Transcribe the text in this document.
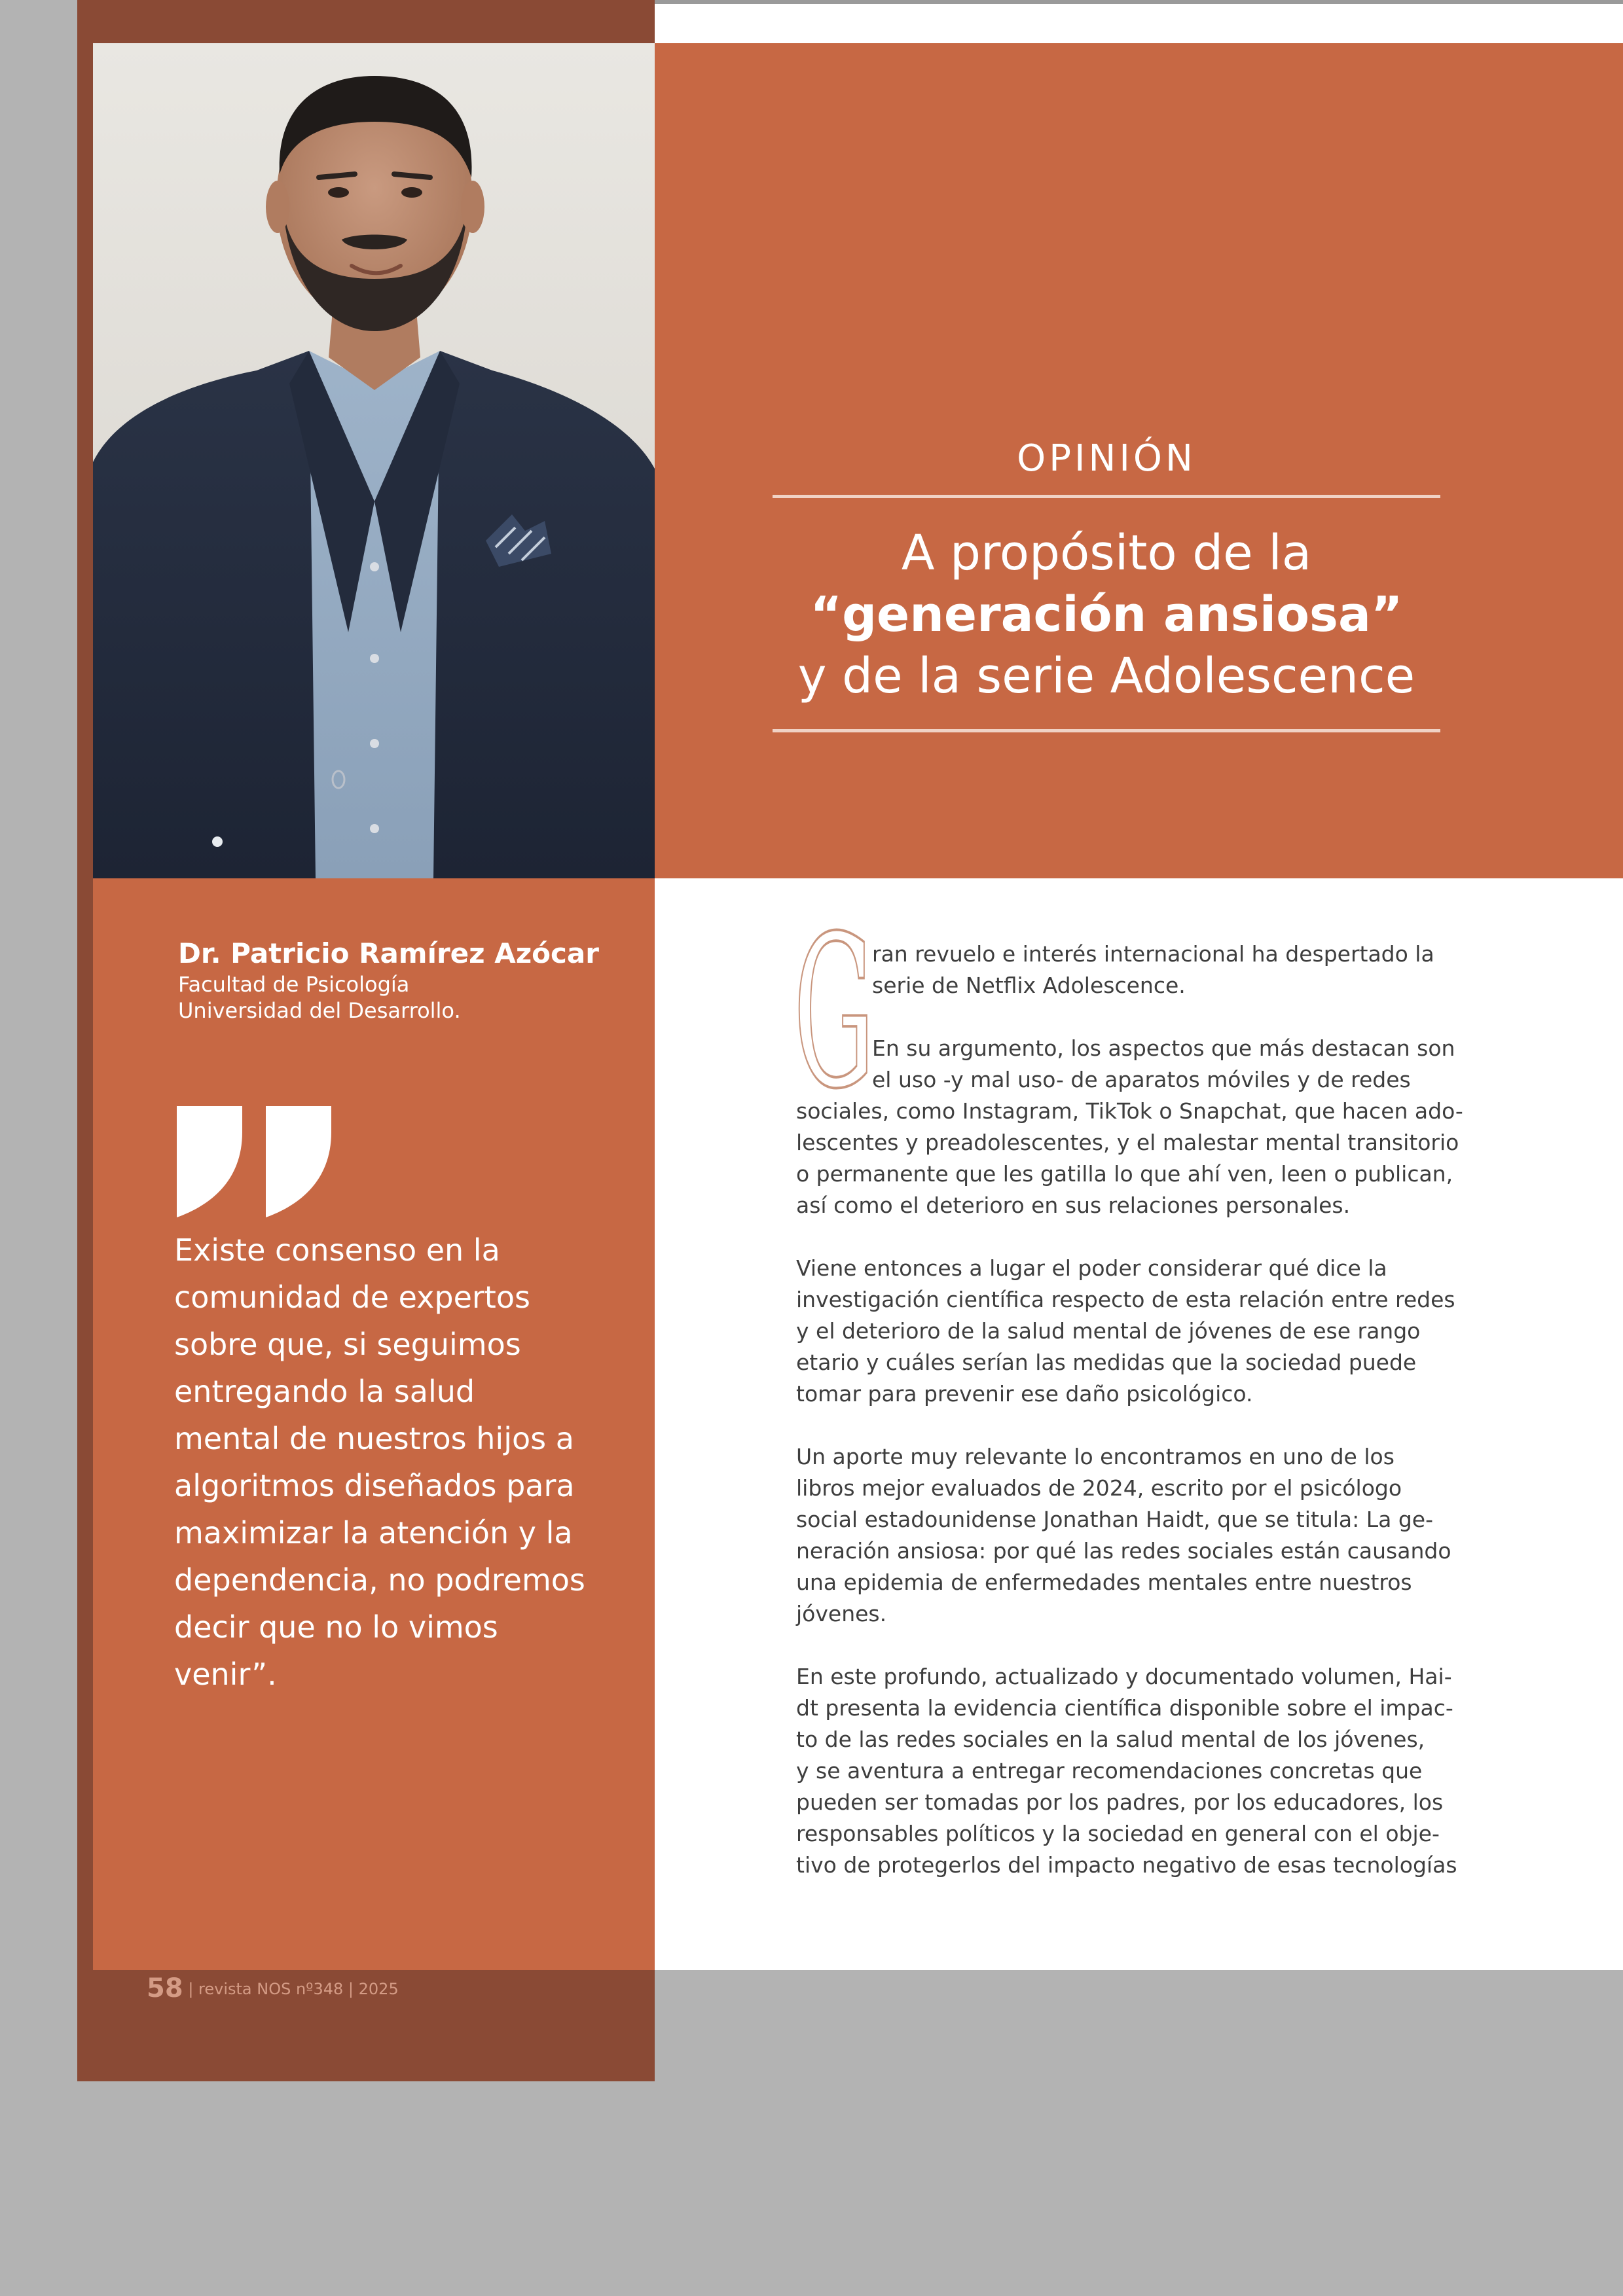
OPINIÓN
A propósito de la
“generación ansiosa”
y de la serie Adolescence
Dr. Patricio Ramírez Azócar
Facultad de Psicología
Universidad del Desarrollo.

Existe consenso en la
comunidad de expertos
sobre que, si seguimos
entregando la salud
mental de nuestros hijos a
algoritmos diseñados para
maximizar la atención y la
dependencia, no podremos
decir que no lo vimos
venir”.

58 | revista NOS nº348 | 2025
G

ran revuelo e interés internacional ha despertado la
serie de Netflix Adolescence.

En su argumento, los aspectos que más destacan son
el uso -y mal uso- de aparatos móviles y de redes
sociales, como Instagram, TikTok o Snapchat, que hacen ado-
lescentes y preadolescentes, y el malestar mental transitorio
o permanente que les gatilla lo que ahí ven, leen o publican,
así como el deterioro en sus relaciones personales.

Viene entonces a lugar el poder considerar qué dice la
investigación científica respecto de esta relación entre redes
y el deterioro de la salud mental de jóvenes de ese rango
etario y cuáles serían las medidas que la sociedad puede
tomar para prevenir ese daño psicológico.

Un aporte muy relevante lo encontramos en uno de los
libros mejor evaluados de 2024, escrito por el psicólogo
social estadounidense Jonathan Haidt, que se titula: La ge-
neración ansiosa: por qué las redes sociales están causando
una epidemia de enfermedades mentales entre nuestros
jóvenes.

En este profundo, actualizado y documentado volumen, Hai-
dt presenta la evidencia científica disponible sobre el impac-
to de las redes sociales en la salud mental de los jóvenes,
y se aventura a entregar recomendaciones concretas que
pueden ser tomadas por los padres, por los educadores, los
responsables políticos y la sociedad en general con el obje-
tivo de protegerlos del impacto negativo de esas tecnologías
